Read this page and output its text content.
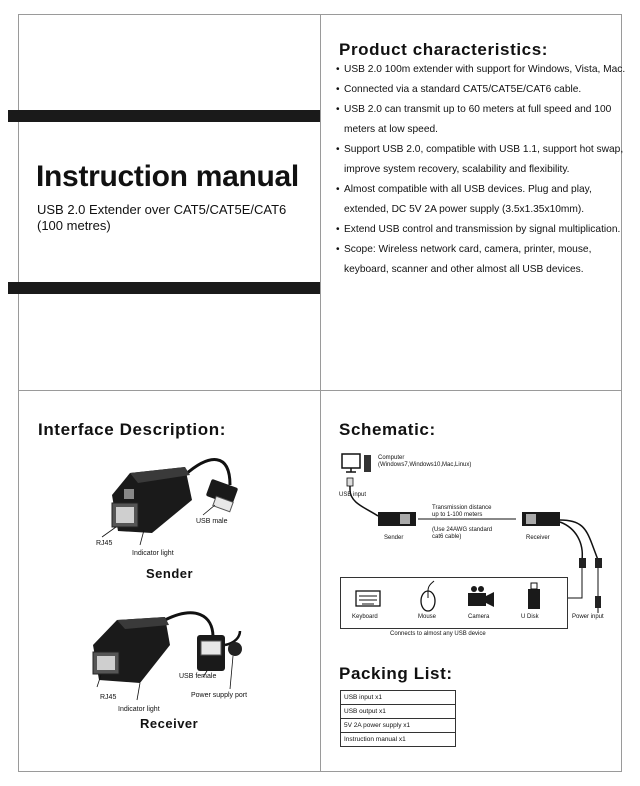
Instruction manual
USB 2.0 Extender over CAT5/CAT5E/CAT6 (100 metres)
Product characteristics:
• USB 2.0 100m extender with support for Windows, Vista, Mac.
• Connected via a standard CAT5/CAT5E/CAT6 cable.
• USB 2.0 can transmit up to 60 meters at full speed and 100 meters at low speed.
• Support USB 2.0, compatible with USB 1.1, support hot swap, improve system recovery, scalability and flexibility.
• Almost compatible with all USB devices. Plug and play, extended, DC 5V 2A power supply (3.5x1.35x10mm).
• Extend USB control and transmission by signal multiplication.
• Scope: Wireless network card, camera, printer, mouse, keyboard, scanner and other almost all USB devices.
Interface Description:
USB male
RJ45
Indicator light
Sender
USB female
Power supply port
RJ45
Indicator light
Receiver
Schematic:
Computer
(Windows7,Windows10,Mac,Linux)
USB input
Transmission distance
up to 1-100 meters
(Use 24AWG standard
cat6 cable)
Sender	Receiver
Power input
Keyboard	Mouse	Camera	U Disk
Connects to almost any USB device
Packing List:
USB input x1
USB output x1
5V 2A power supply x1
Instruction manual x1
